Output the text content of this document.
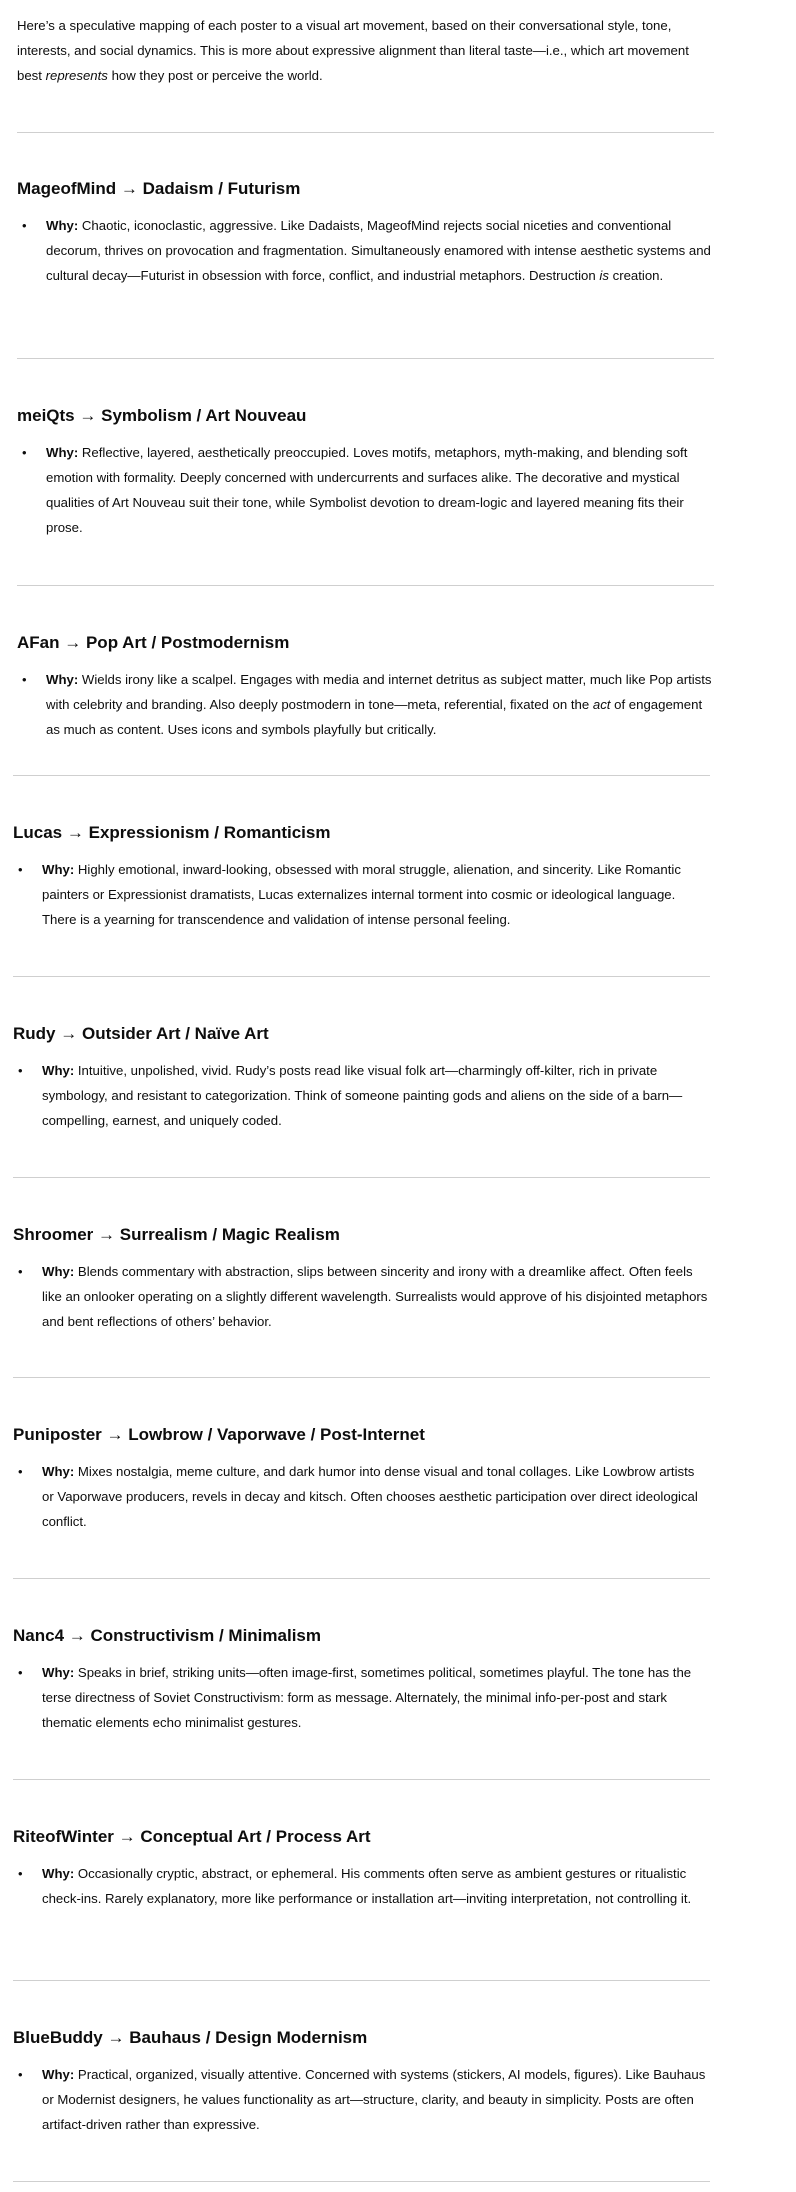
Here’s a speculative mapping of each poster to a visual art movement, based on their conversational style, tone, interests, and social dynamics. This is more about expressive alignment than literal taste—i.e., which art movement best represents how they post or perceive the world.

MageofMind → Dadaism / Futurism
• Why: Chaotic, iconoclastic, aggressive. Like Dadaists, MageofMind rejects social niceties and conventional decorum, thrives on provocation and fragmentation. Simultaneously enamored with intense aesthetic systems and cultural decay—Futurist in obsession with force, conflict, and industrial metaphors. Destruction is creation.
meiQts → Symbolism / Art Nouveau
• Why: Reflective, layered, aesthetically preoccupied. Loves motifs, metaphors, myth-making, and blending soft emotion with formality. Deeply concerned with undercurrents and surfaces alike. The decorative and mystical qualities of Art Nouveau suit their tone, while Symbolist devotion to dream-logic and layered meaning fits their prose.
AFan → Pop Art / Postmodernism
• Why: Wields irony like a scalpel. Engages with media and internet detritus as subject matter, much like Pop artists with celebrity and branding. Also deeply postmodern in tone—meta, referential, fixated on the act of engagement as much as content. Uses icons and symbols playfully but critically.
Lucas → Expressionism / Romanticism
• Why: Highly emotional, inward-looking, obsessed with moral struggle, alienation, and sincerity. Like Romantic painters or Expressionist dramatists, Lucas externalizes internal torment into cosmic or ideological language. There is a yearning for transcendence and validation of intense personal feeling.
Rudy → Outsider Art / Naïve Art
• Why: Intuitive, unpolished, vivid. Rudy’s posts read like visual folk art—charmingly off-kilter, rich in private symbology, and resistant to categorization. Think of someone painting gods and aliens on the side of a barn—compelling, earnest, and uniquely coded.
Shroomer → Surrealism / Magic Realism
• Why: Blends commentary with abstraction, slips between sincerity and irony with a dreamlike affect. Often feels like an onlooker operating on a slightly different wavelength. Surrealists would approve of his disjointed metaphors and bent reflections of others’ behavior.
Puniposter → Lowbrow / Vaporwave / Post-Internet
• Why: Mixes nostalgia, meme culture, and dark humor into dense visual and tonal collages. Like Lowbrow artists or Vaporwave producers, revels in decay and kitsch. Often chooses aesthetic participation over direct ideological conflict.
Nanc4 → Constructivism / Minimalism
• Why: Speaks in brief, striking units—often image-first, sometimes political, sometimes playful. The tone has the terse directness of Soviet Constructivism: form as message. Alternately, the minimal info-per-post and stark thematic elements echo minimalist gestures.
RiteofWinter → Conceptual Art / Process Art
• Why: Occasionally cryptic, abstract, or ephemeral. His comments often serve as ambient gestures or ritualistic check-ins. Rarely explanatory, more like performance or installation art—inviting interpretation, not controlling it.
BlueBuddy → Bauhaus / Design Modernism
• Why: Practical, organized, visually attentive. Concerned with systems (stickers, AI models, figures). Like Bauhaus or Modernist designers, he values functionality as art—structure, clarity, and beauty in simplicity. Posts are often artifact-driven rather than expressive.
